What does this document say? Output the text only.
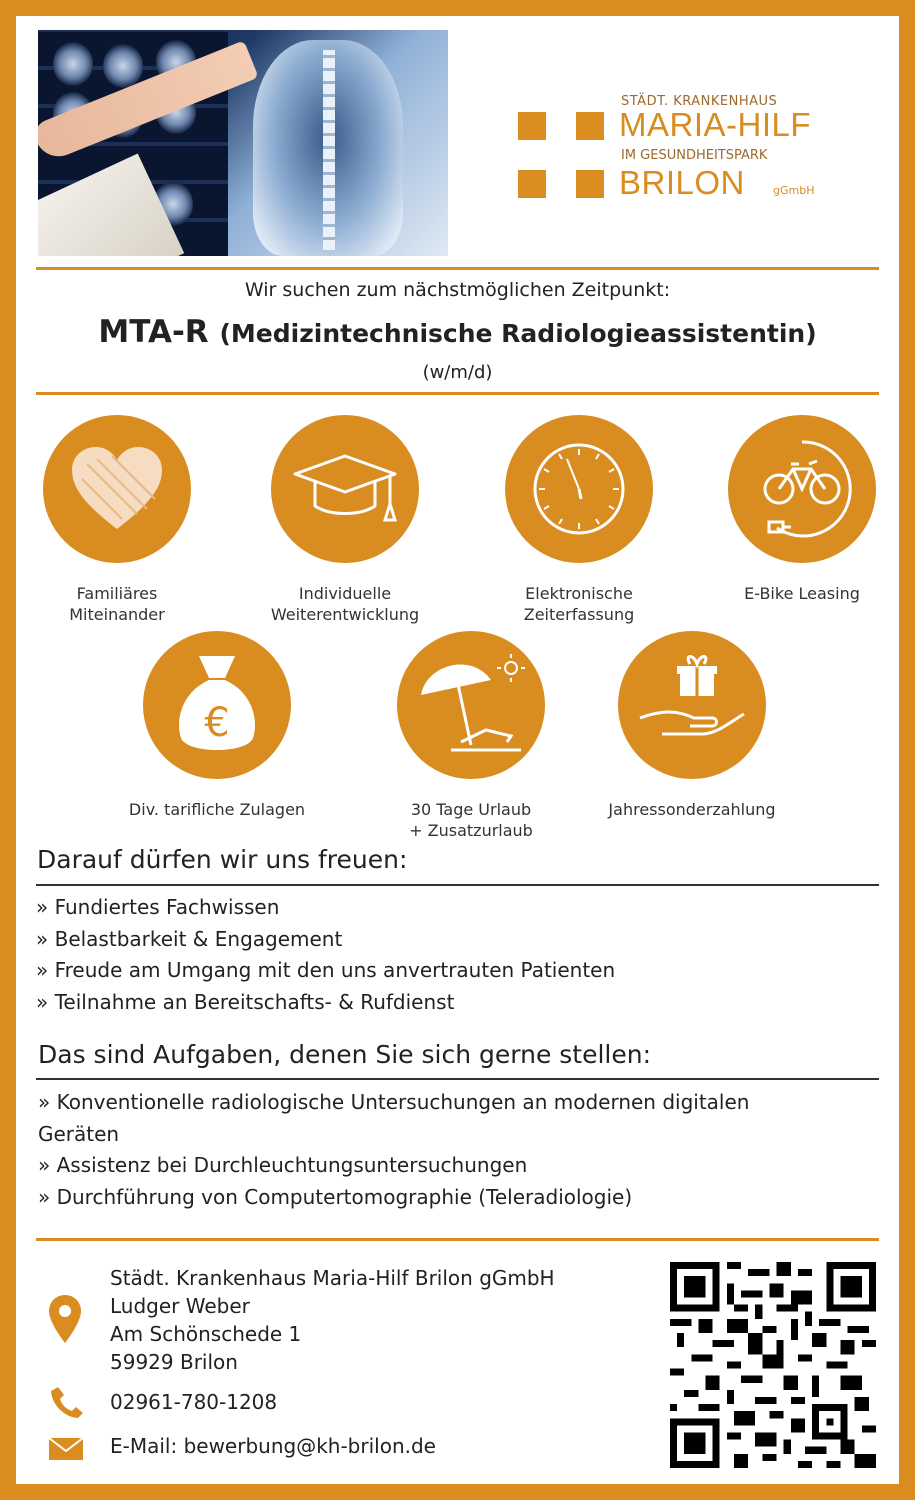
STÄDT. KRANKENHAUS
MARIA-HILF
IM GESUNDHEITSPARK
BRILON	gGmbH
Wir suchen zum nächstmöglichen Zeitpunkt:
MTA-R (Medizintechnische Radiologieassistentin)
(w/m/d)
Familiäres
Miteinander
Individuelle
Weiterentwicklung
Elektronische
Zeiterfassung
E-Bike Leasing
€
Div. tarifliche Zulagen	30 Tage Urlaub
+ Zusatzurlaub
Jahressonderzahlung
Darauf dürfen wir uns freuen:
» Fundiertes Fachwissen
» Belastbarkeit & Engagement
» Freude am Umgang mit den uns anvertrauten Patienten
» Teilnahme an Bereitschafts- & Rufdienst
Das sind Aufgaben, denen Sie sich gerne stellen:
» Konventionelle radiologische Untersuchungen an modernen digitalen
Geräten
» Assistenz bei Durchleuchtungsuntersuchungen
» Durchführung von Computertomographie (Teleradiologie)
Städt. Krankenhaus Maria-Hilf Brilon gGmbH
Ludger Weber
Am Schönschede 1
59929 Brilon
02961-780-1208
E-Mail: bewerbung@kh-brilon.de
